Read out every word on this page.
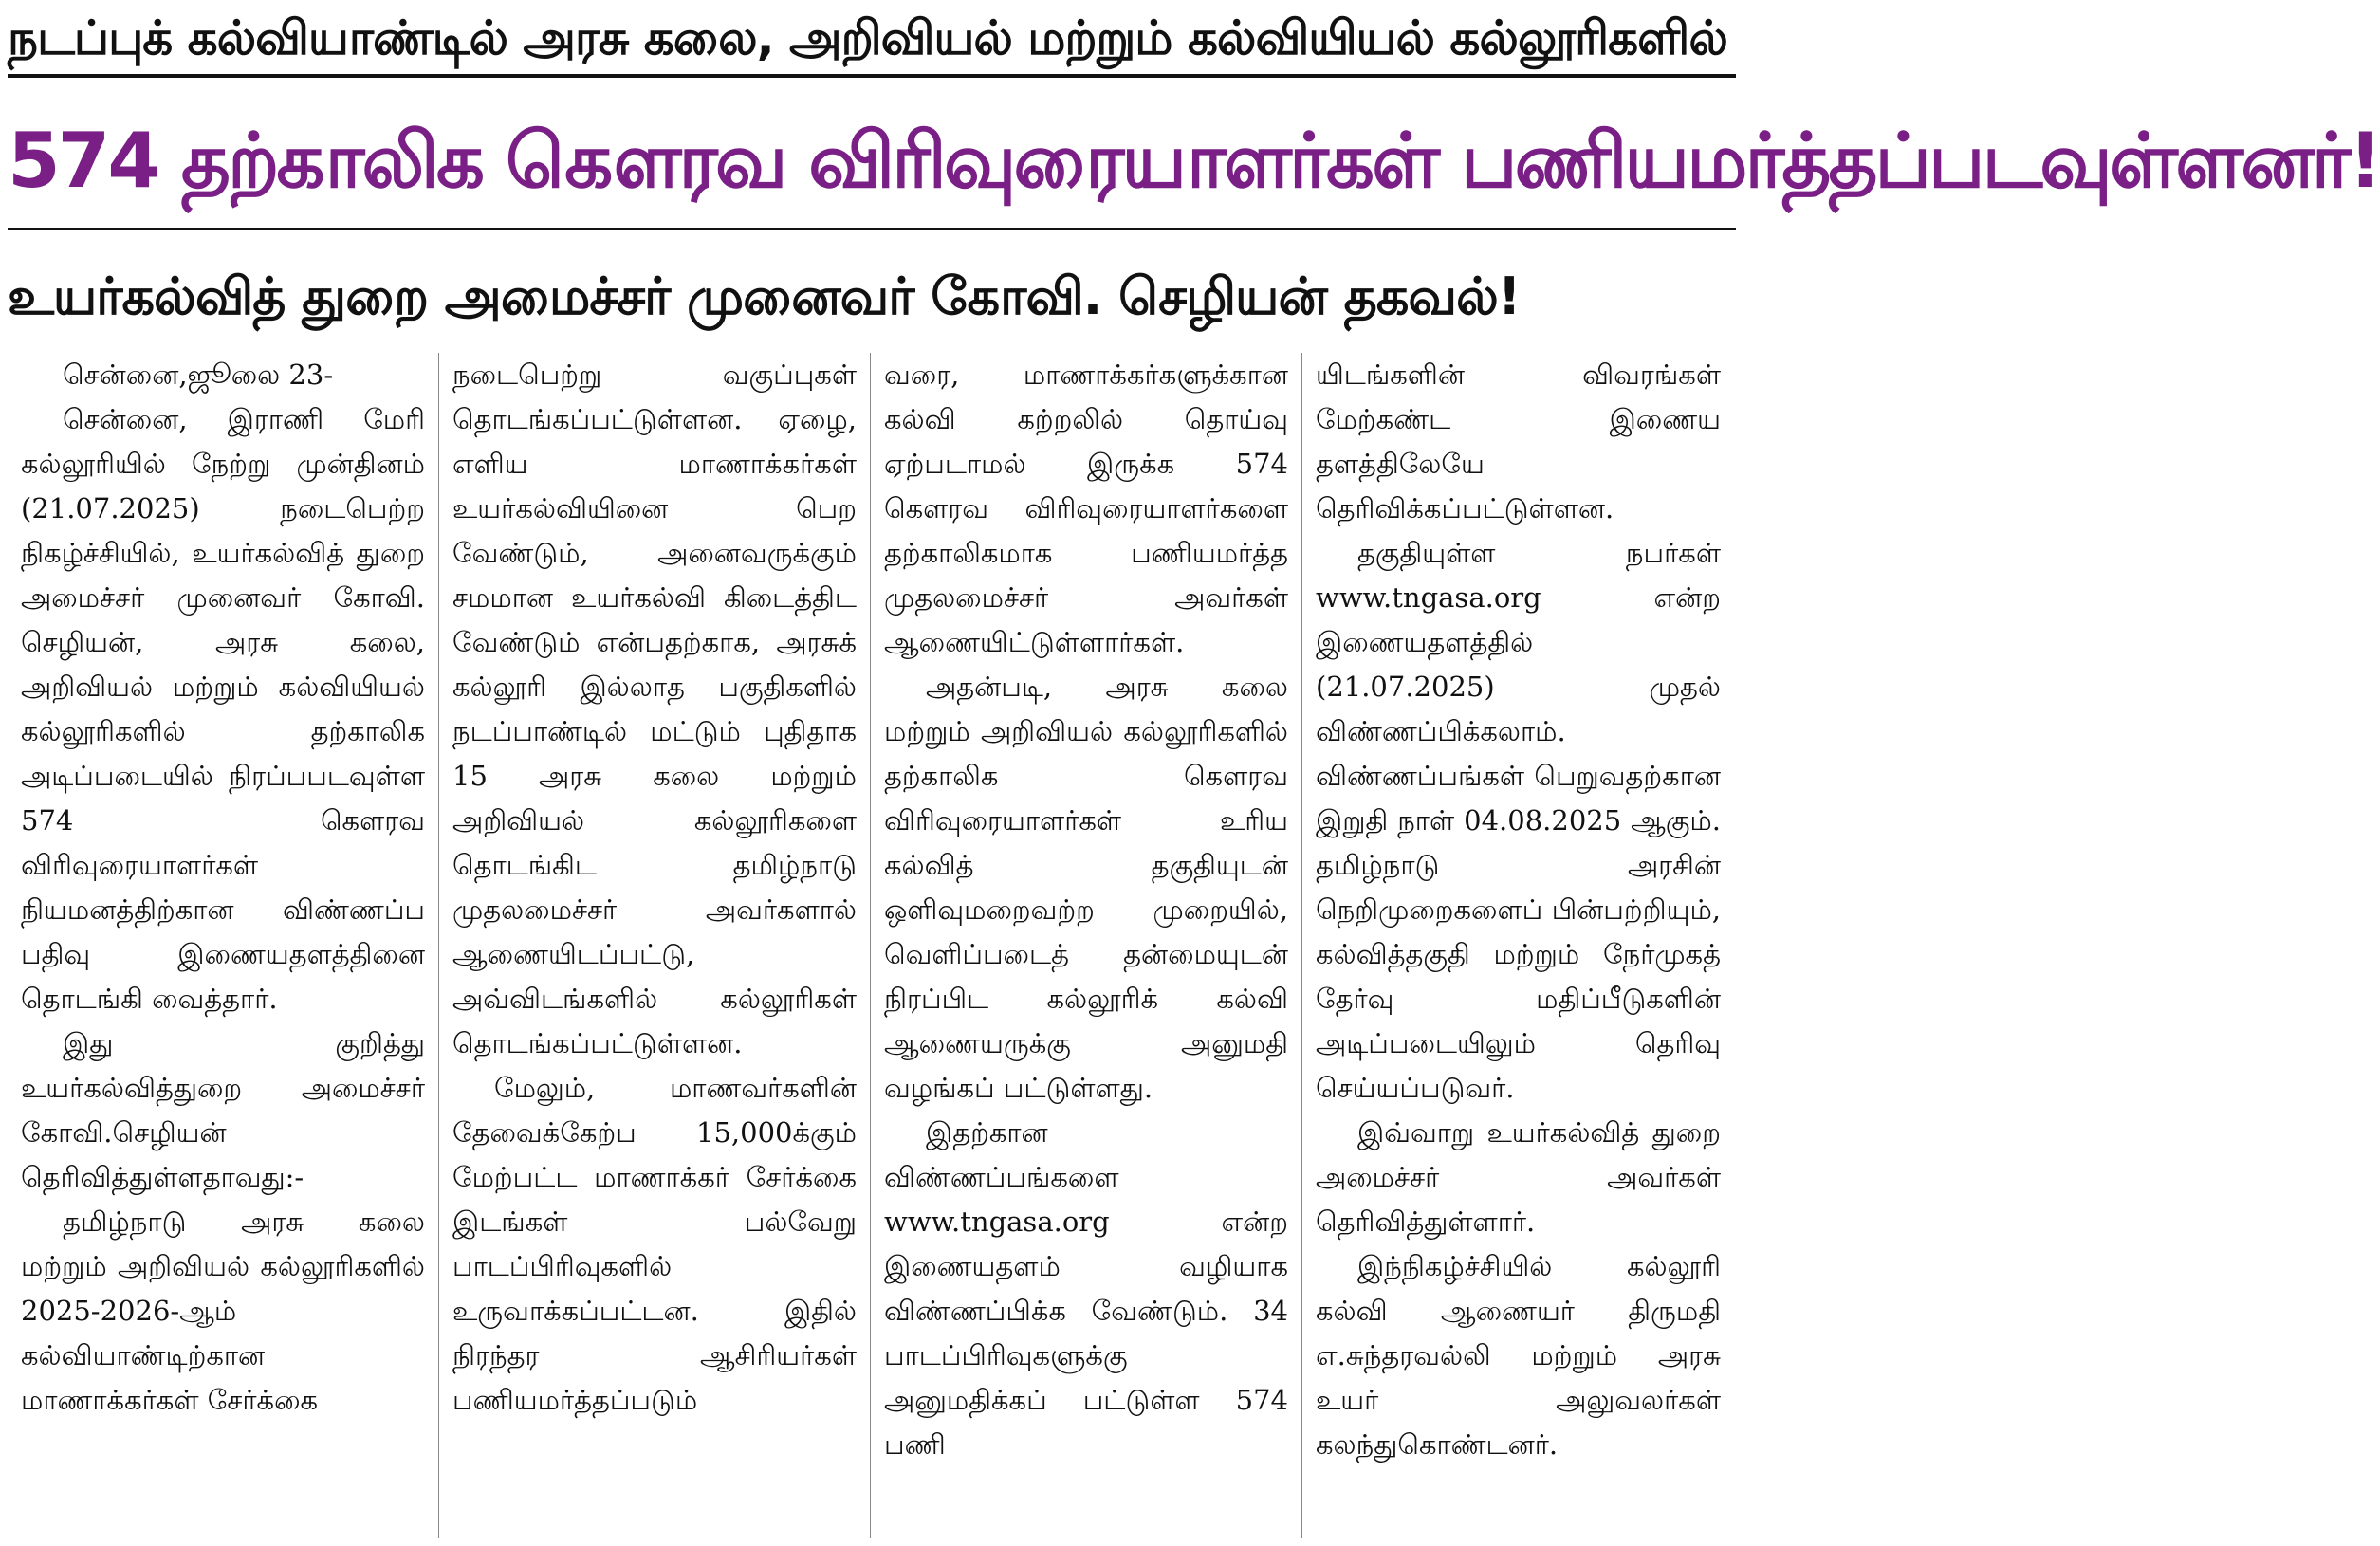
நடப்புக் கல்வியாண்டில் அரசு கலை, அறிவியல் மற்றும் கல்வியியல் கல்லூரிகளில்
574 தற்காலிக கௌரவ விரிவுரையாளர்கள் பணியமர்த்தப்படவுள்ளனர்!
உயர்கல்வித் துறை அமைச்சர் முனைவர் கோவி. செழியன் தகவல்!

சென்னை,ஜூலை 23-

சென்னை, இராணி மேரி கல்லூரியில் நேற்று முன்தினம் (21.07.2025) நடைபெற்ற நிகழ்ச்சியில், உயர்கல்வித் துறை அமைச்சர் முனைவர் கோவி. செழியன், அரசு கலை, அறிவியல் மற்றும் கல்வியியல் கல்லூரிகளில் தற்காலிக அடிப்படையில் நிரப்பபடவுள்ள 574 கௌரவ விரிவுரையாளர்கள் நியமனத்திற்கான விண்ணப்ப பதிவு இணையதளத்தினை தொடங்கி வைத்தார்.

இது குறித்து உயர்கல்வித்துறை அமைச்சர் கோவி.செழியன் தெரிவித்துள்ளதாவது:-

தமிழ்நாடு அரசு கலை மற்றும் அறிவியல் கல்லூரிகளில் 2025-2026-ஆம் கல்வியாண்டிற்கான மாணாக்கர்கள் சேர்க்கை

நடைபெற்று வகுப்புகள் தொடங்கப்பட்டுள்ளன. ஏழை, எளிய மாணாக்கர்கள் உயர்கல்வியினை பெற வேண்டும், அனைவருக்கும் சமமான உயர்கல்வி கிடைத்திட வேண்டும் என்பதற்காக, அரசுக் கல்லூரி இல்லாத பகுதிகளில் நடப்பாண்டில் மட்டும் புதிதாக 15 அரசு கலை மற்றும் அறிவியல் கல்லூரிகளை தொடங்கிட தமிழ்நாடு முதலமைச்சர் அவர்களால் ஆணையிடப்பட்டு, அவ்விடங்களில் கல்லூரிகள் தொடங்கப்பட்டுள்ளன.

மேலும், மாணவர்களின் தேவைக்கேற்ப 15,000க்கும் மேற்பட்ட மாணாக்கர் சேர்க்கை இடங்கள் பல்வேறு பாடப்பிரிவுகளில் உருவாக்கப்பட்டன. இதில் நிரந்தர ஆசிரியர்கள் பணியமர்த்தப்படும்

வரை, மாணாக்கர்களுக்கான கல்வி கற்றலில் தொய்வு ஏற்படாமல் இருக்க 574 கௌரவ விரிவுரையாளர்களை தற்காலிகமாக பணியமர்த்த முதலமைச்சர் அவர்கள் ஆணையிட்டுள்ளார்கள்.

அதன்படி, அரசு கலை மற்றும் அறிவியல் கல்லூரிகளில் தற்காலிக கௌரவ விரிவுரையாளர்கள் உரிய கல்வித் தகுதியுடன் ஒளிவுமறைவற்ற முறையில், வெளிப்படைத் தன்மையுடன் நிரப்பிட கல்லூரிக் கல்வி ஆணையருக்கு அனுமதி வழங்கப் பட்டுள்ளது.

இதற்கான விண்ணப்பங்களை www.tngasa.org என்ற இணையதளம் வழியாக விண்ணப்பிக்க வேண்டும். 34 பாடப்பிரிவுகளுக்கு அனுமதிக்கப் பட்டுள்ள 574 பணி

யிடங்களின் விவரங்கள் மேற்கண்ட இணைய தளத்திலேயே தெரிவிக்கப்பட்டுள்ளன.

தகுதியுள்ள நபர்கள் www.tngasa.org என்ற இணையதளத்தில் (21.07.2025) முதல் விண்ணப்பிக்கலாம். விண்ணப்பங்கள் பெறுவதற்கான இறுதி நாள் 04.08.2025 ஆகும். தமிழ்நாடு அரசின் நெறிமுறைகளைப் பின்பற்றியும், கல்வித்தகுதி மற்றும் நேர்முகத் தேர்வு மதிப்பீடுகளின் அடிப்படையிலும் தெரிவு செய்யப்படுவர்.

இவ்வாறு உயர்கல்வித் துறை அமைச்சர் அவர்கள் தெரிவித்துள்ளார்.

இந்நிகழ்ச்சியில் கல்லூரி கல்வி ஆணையர் திருமதி எ.சுந்தரவல்லி மற்றும் அரசு உயர் அலுவலர்கள் கலந்துகொண்டனர்.
